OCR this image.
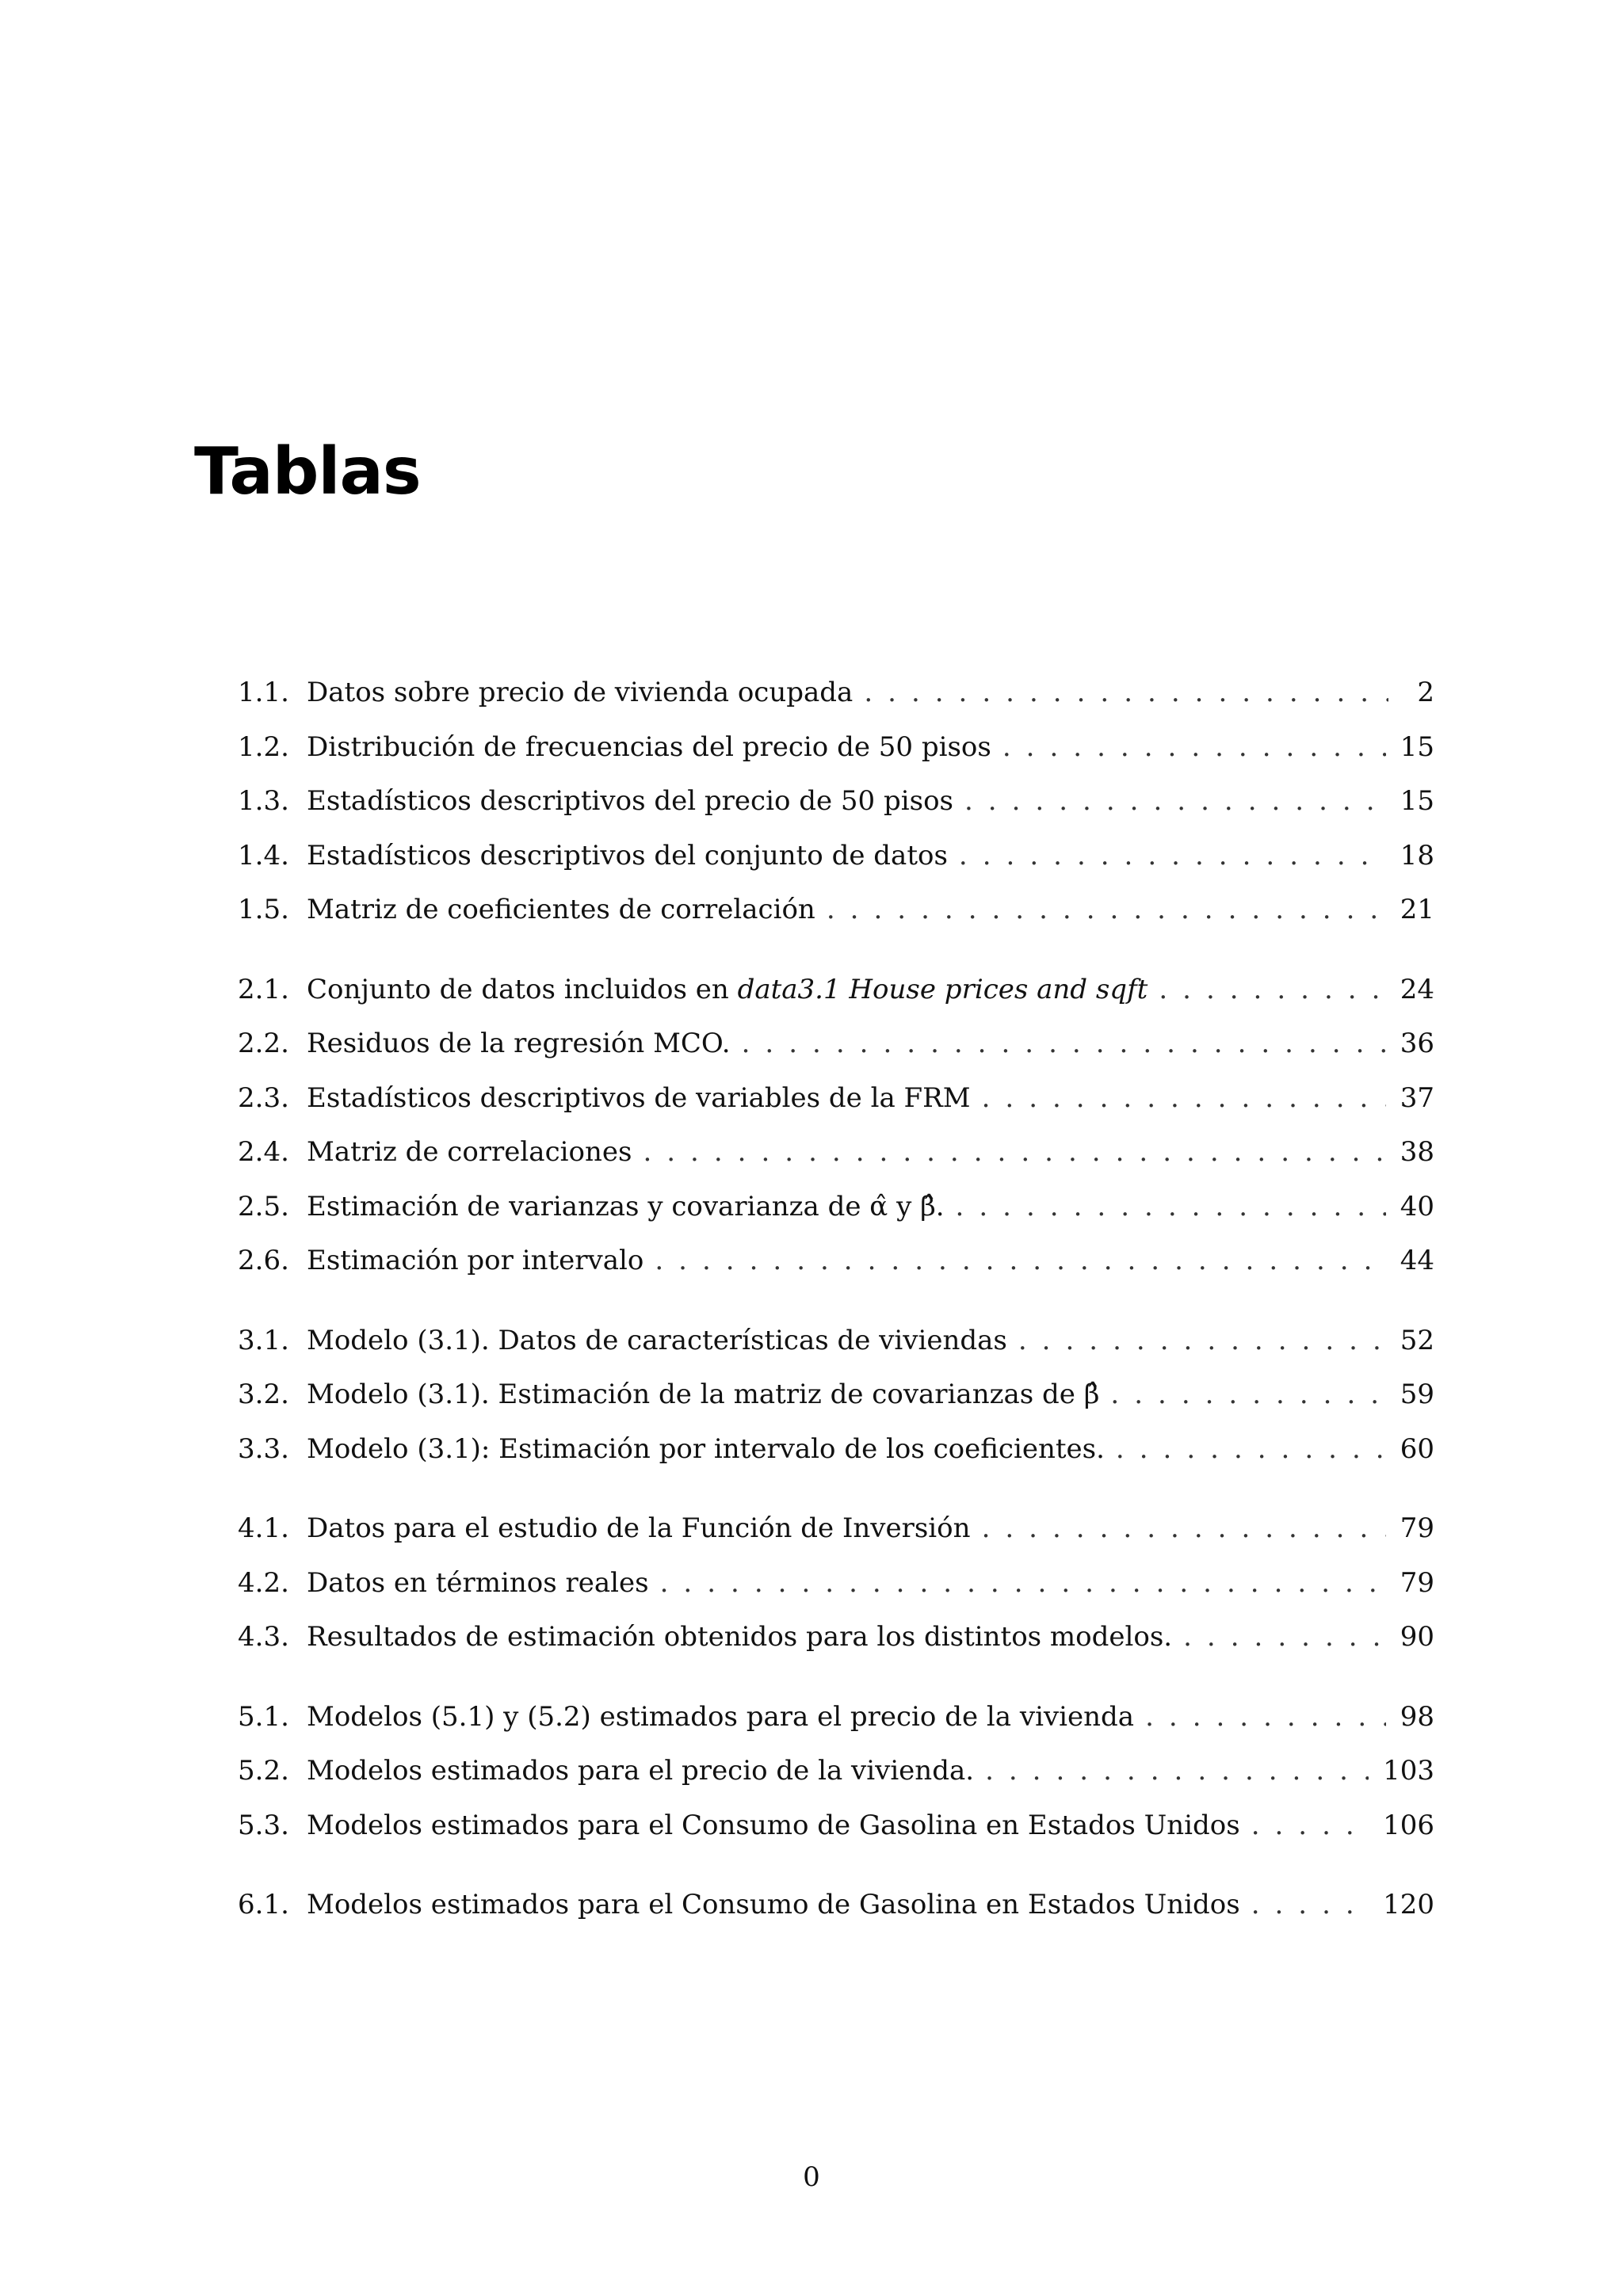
Tablas
1.1. Datos sobre precio de vivienda ocupada .....	2
1.2. Distribución de frecuencias del precio de 50 pisos .....	15
1.3. Estadísticos descriptivos del precio de 50 pisos .....	15
1.4. Estadísticos descriptivos del conjunto de datos .....	18
1.5. Matriz de coeficientes de correlación .....	21
2.1. Conjunto de datos incluidos en data3.1 House prices and sqft .....	24
2.2. Residuos de la regresión MCO. .....	36
2.3. Estadísticos descriptivos de variables de la FRM .....	37
2.4. Matriz de correlaciones .....	38
2.5. Estimación de varianzas y covarianza de α̂ y β̂. .....	40
2.6. Estimación por intervalo .....	44
3.1. Modelo (3.1). Datos de características de viviendas .....	52
3.2. Modelo (3.1). Estimación de la matriz de covarianzas de β̂ .....	59
3.3. Modelo (3.1): Estimación por intervalo de los coeficientes. .....	60
4.1. Datos para el estudio de la Función de Inversión .....	79
4.2. Datos en términos reales .....	79
4.3. Resultados de estimación obtenidos para los distintos modelos. .....	90
5.1. Modelos (5.1) y (5.2) estimados para el precio de la vivienda .....	98
5.2. Modelos estimados para el precio de la vivienda. .....	103
5.3. Modelos estimados para el Consumo de Gasolina en Estados Unidos .....	106
6.1. Modelos estimados para el Consumo de Gasolina en Estados Unidos .....	120
0
